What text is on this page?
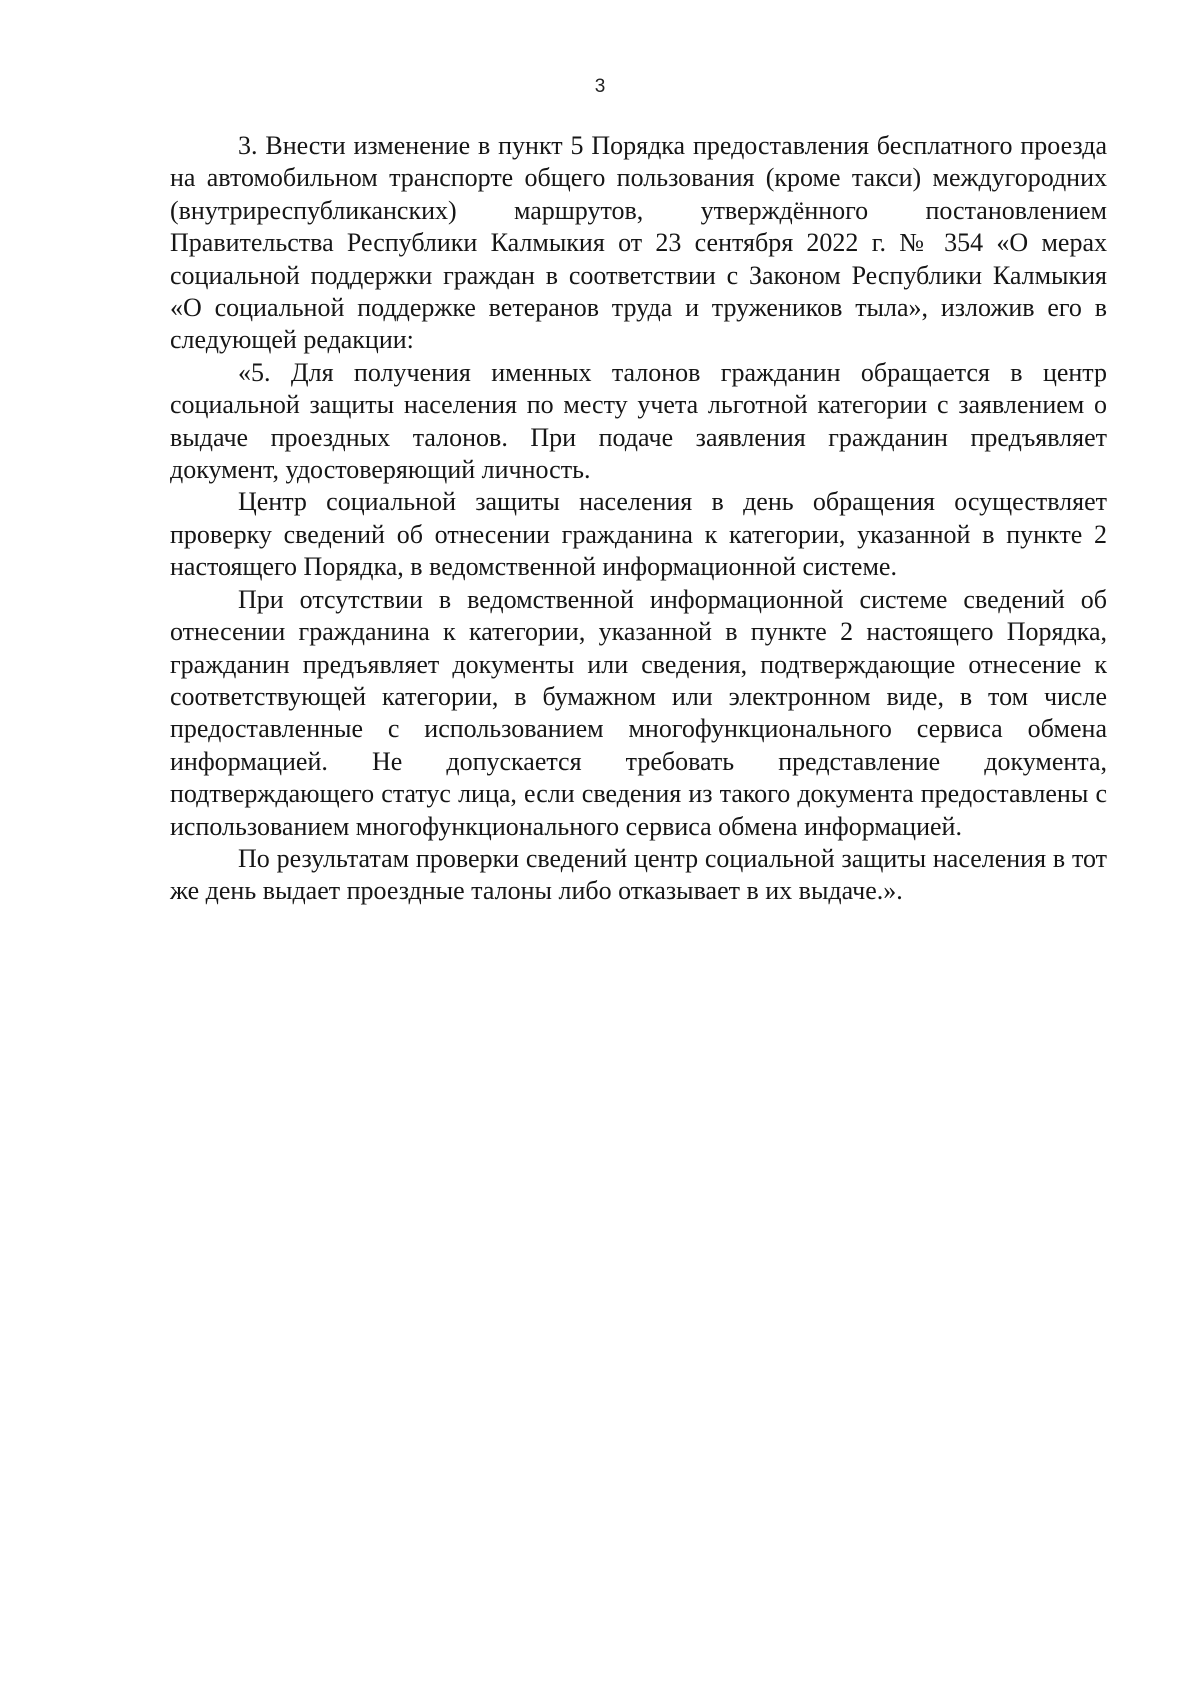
3

3. Внести изменение в пункт 5 Порядка предоставления бесплатного проезда на автомобильном транспорте общего пользования (кроме такси) междугородних (внутриреспубликанских) маршрутов, утверждённого постановлением Правительства Республики Калмыкия от 23 сентября 2022 г. № 354 «О мерах социальной поддержки граждан в соответствии с Законом Республики Калмыкия «О социальной поддержке ветеранов труда и тружеников тыла», изложив его в следующей редакции:

«5. Для получения именных талонов гражданин обращается в центр социальной защиты населения по месту учета льготной категории с заявлением о выдаче проездных талонов. При подаче заявления гражданин предъявляет документ, удостоверяющий личность.

Центр социальной защиты населения в день обращения осуществляет проверку сведений об отнесении гражданина к категории, указанной в пункте 2 настоящего Порядка, в ведомственной информационной системе.

При отсутствии в ведомственной информационной системе сведений об отнесении гражданина к категории, указанной в пункте 2 настоящего Порядка, гражданин предъявляет документы или сведения, подтверждающие отнесение к соответствующей категории, в бумажном или электронном виде, в том числе предоставленные с использованием многофункционального сервиса обмена информацией. Не допускается требовать представление документа, подтверждающего статус лица, если сведения из такого документа предоставлены с использованием многофункционального сервиса обмена информацией.

По результатам проверки сведений центр социальной защиты населения в тот же день выдает проездные талоны либо отказывает в их выдаче.».
